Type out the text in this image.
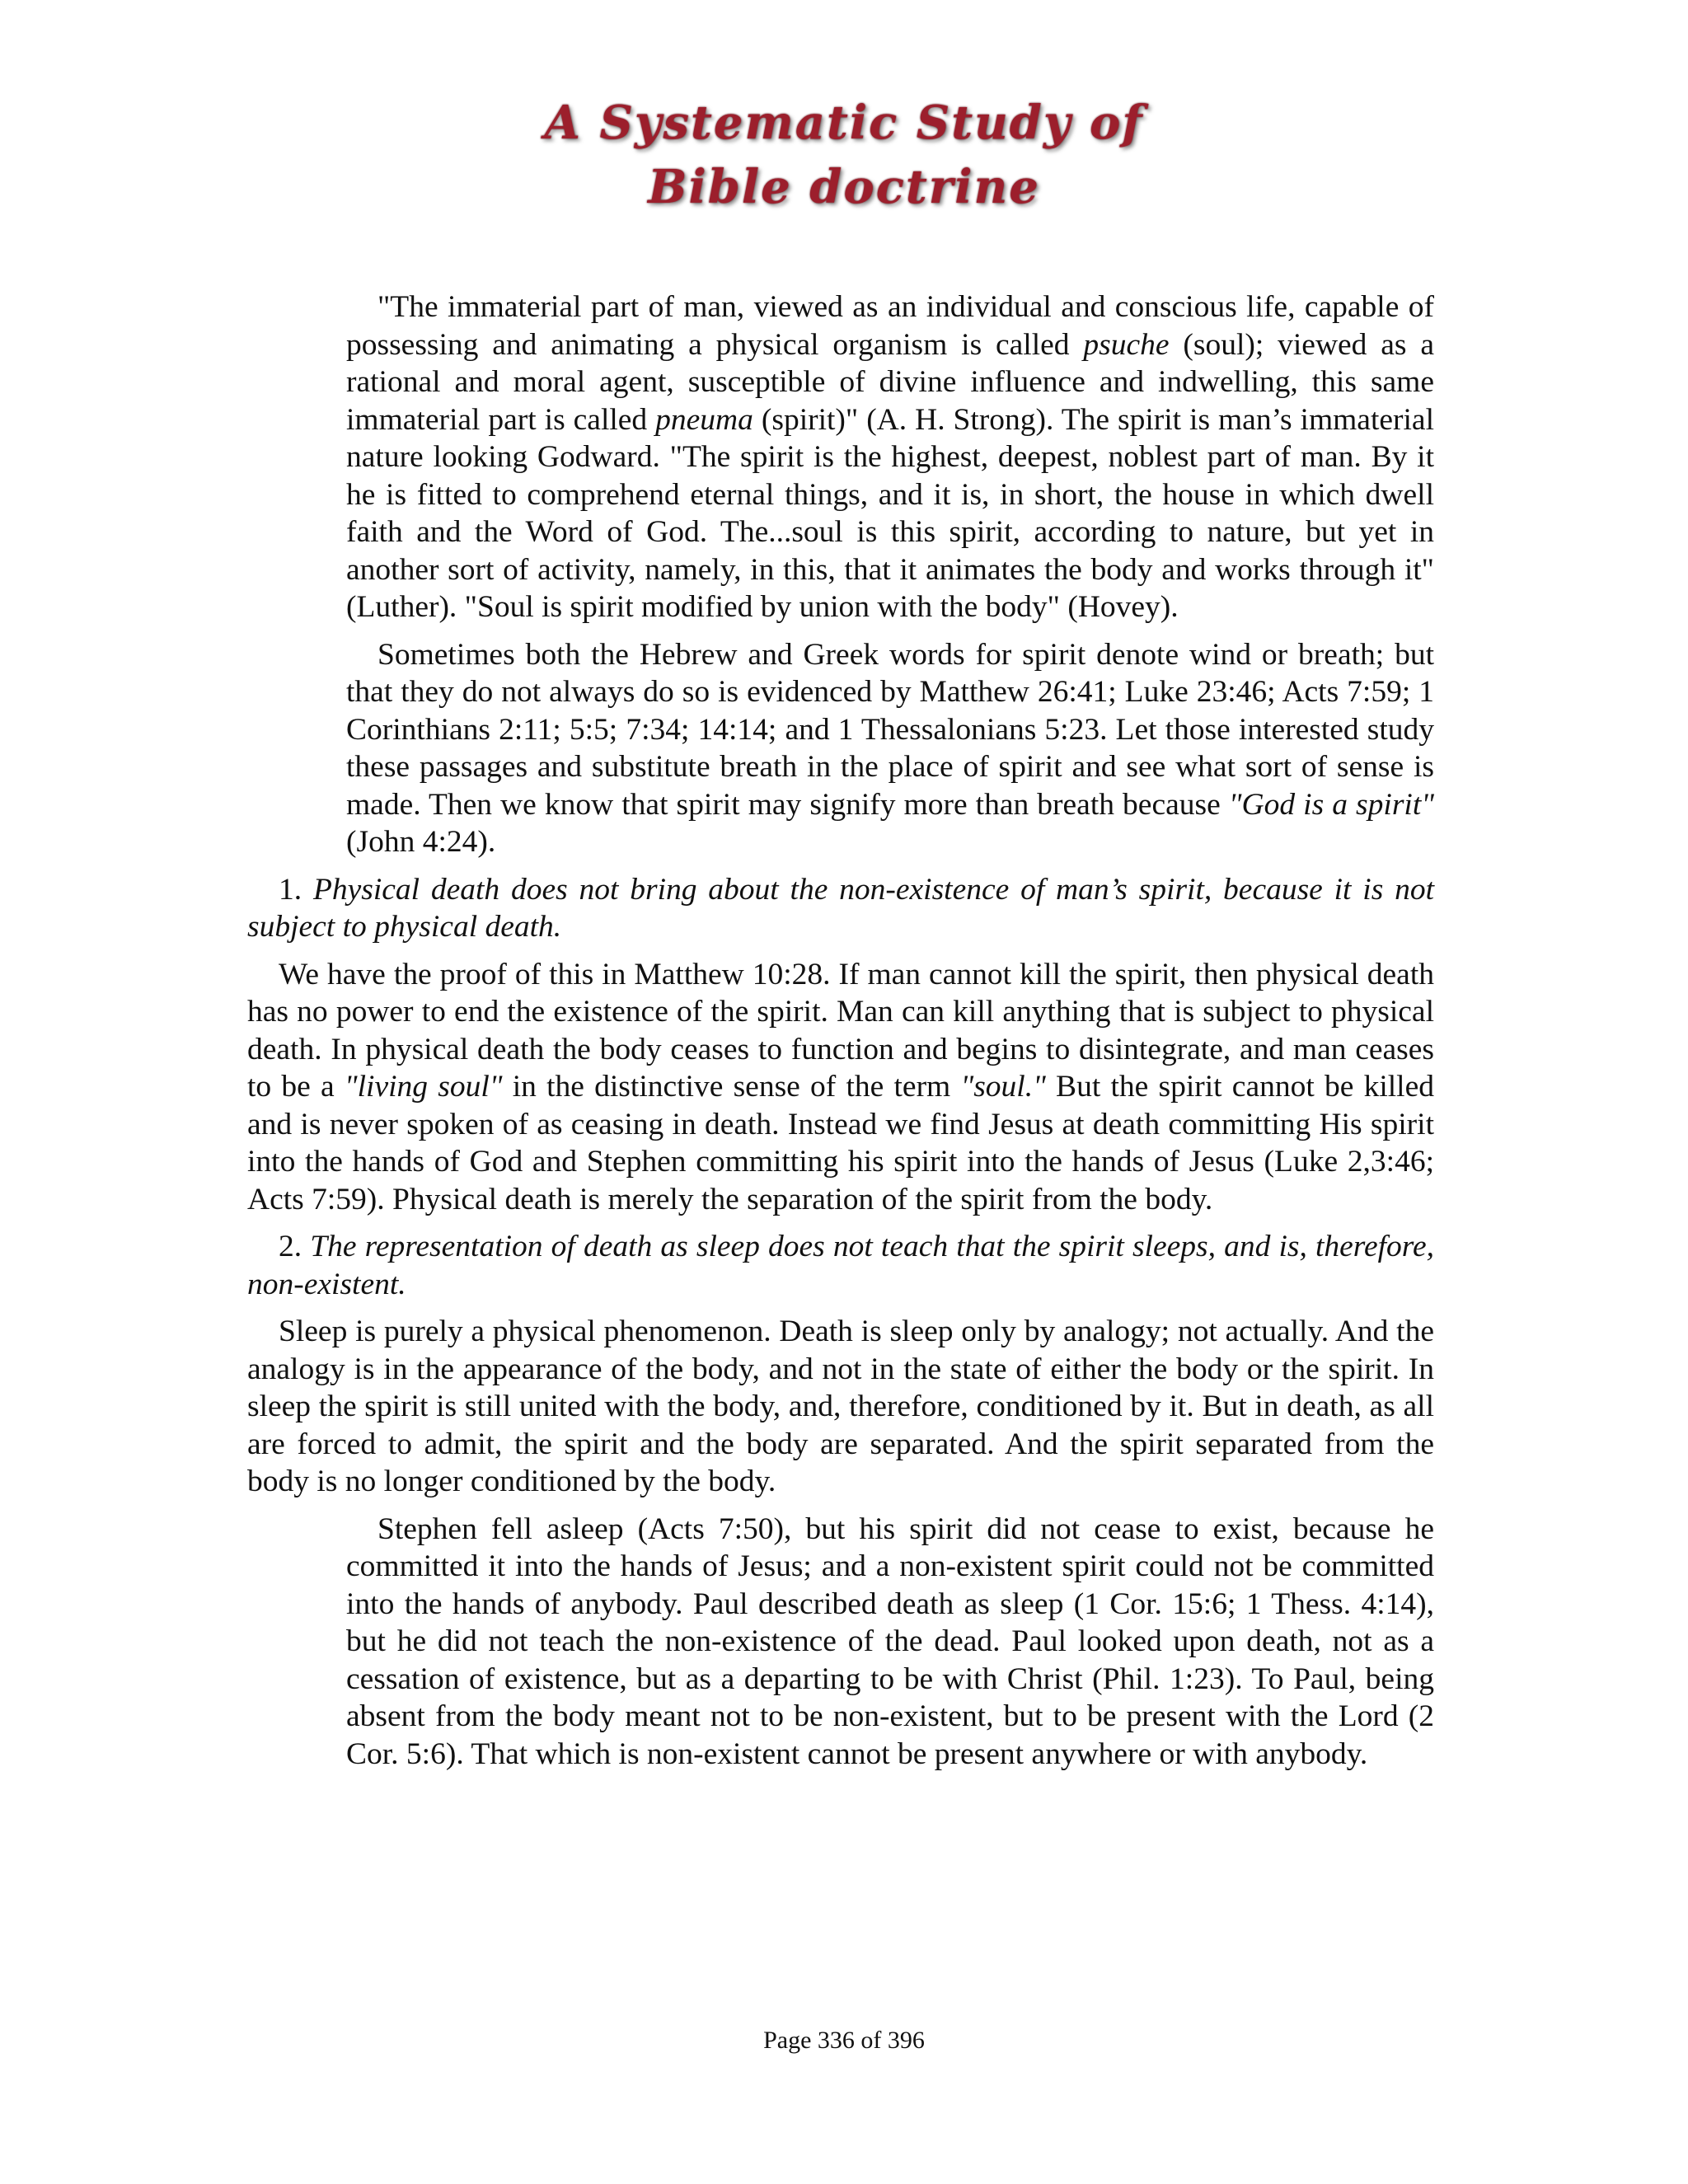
A Systematic Study of
Bible doctrine

"The immaterial part of man, viewed as an individual and conscious life, capable of possessing and animating a physical organism is called psuche (soul); viewed as a rational and moral agent, susceptible of divine influence and indwelling, this same immaterial part is called pneuma (spirit)" (A. H. Strong). The spirit is man’s immaterial nature looking Godward. "The spirit is the highest, deepest, noblest part of man. By it he is fitted to comprehend eternal things, and it is, in short, the house in which dwell faith and the Word of God. The...soul is this spirit, according to nature, but yet in another sort of activity, namely, in this, that it animates the body and works through it" (Luther). "Soul is spirit modified by union with the body" (Hovey).

Sometimes both the Hebrew and Greek words for spirit denote wind or breath; but that they do not always do so is evidenced by Matthew 26:41; Luke 23:46; Acts 7:59; 1 Corinthians 2:11; 5:5; 7:34; 14:14; and 1 Thessalonians 5:23. Let those interested study these passages and substitute breath in the place of spirit and see what sort of sense is made. Then we know that spirit may signify more than breath because "God is a spirit" (John 4:24).

1. Physical death does not bring about the non-existence of man’s spirit, because it is not subject to physical death.

We have the proof of this in Matthew 10:28. If man cannot kill the spirit, then physical death has no power to end the existence of the spirit. Man can kill anything that is subject to physical death. In physical death the body ceases to function and begins to disintegrate, and man ceases to be a "living soul" in the distinctive sense of the term "soul." But the spirit cannot be killed and is never spoken of as ceasing in death. Instead we find Jesus at death committing His spirit into the hands of God and Stephen committing his spirit into the hands of Jesus (Luke 2,3:46; Acts 7:59). Physical death is merely the separation of the spirit from the body.

2. The representation of death as sleep does not teach that the spirit sleeps, and is, therefore, non-existent.

Sleep is purely a physical phenomenon. Death is sleep only by analogy; not actually. And the analogy is in the appearance of the body, and not in the state of either the body or the spirit. In sleep the spirit is still united with the body, and, therefore, conditioned by it. But in death, as all are forced to admit, the spirit and the body are separated. And the spirit separated from the body is no longer conditioned by the body.

Stephen fell asleep (Acts 7:50), but his spirit did not cease to exist, because he committed it into the hands of Jesus; and a non-existent spirit could not be committed into the hands of anybody. Paul described death as sleep (1 Cor. 15:6; 1 Thess. 4:14), but he did not teach the non-existence of the dead. Paul looked upon death, not as a cessation of existence, but as a departing to be with Christ (Phil. 1:23). To Paul, being absent from the body meant not to be non-existent, but to be present with the Lord (2 Cor. 5:6). That which is non-existent cannot be present anywhere or with anybody.

Page 336 of 396
